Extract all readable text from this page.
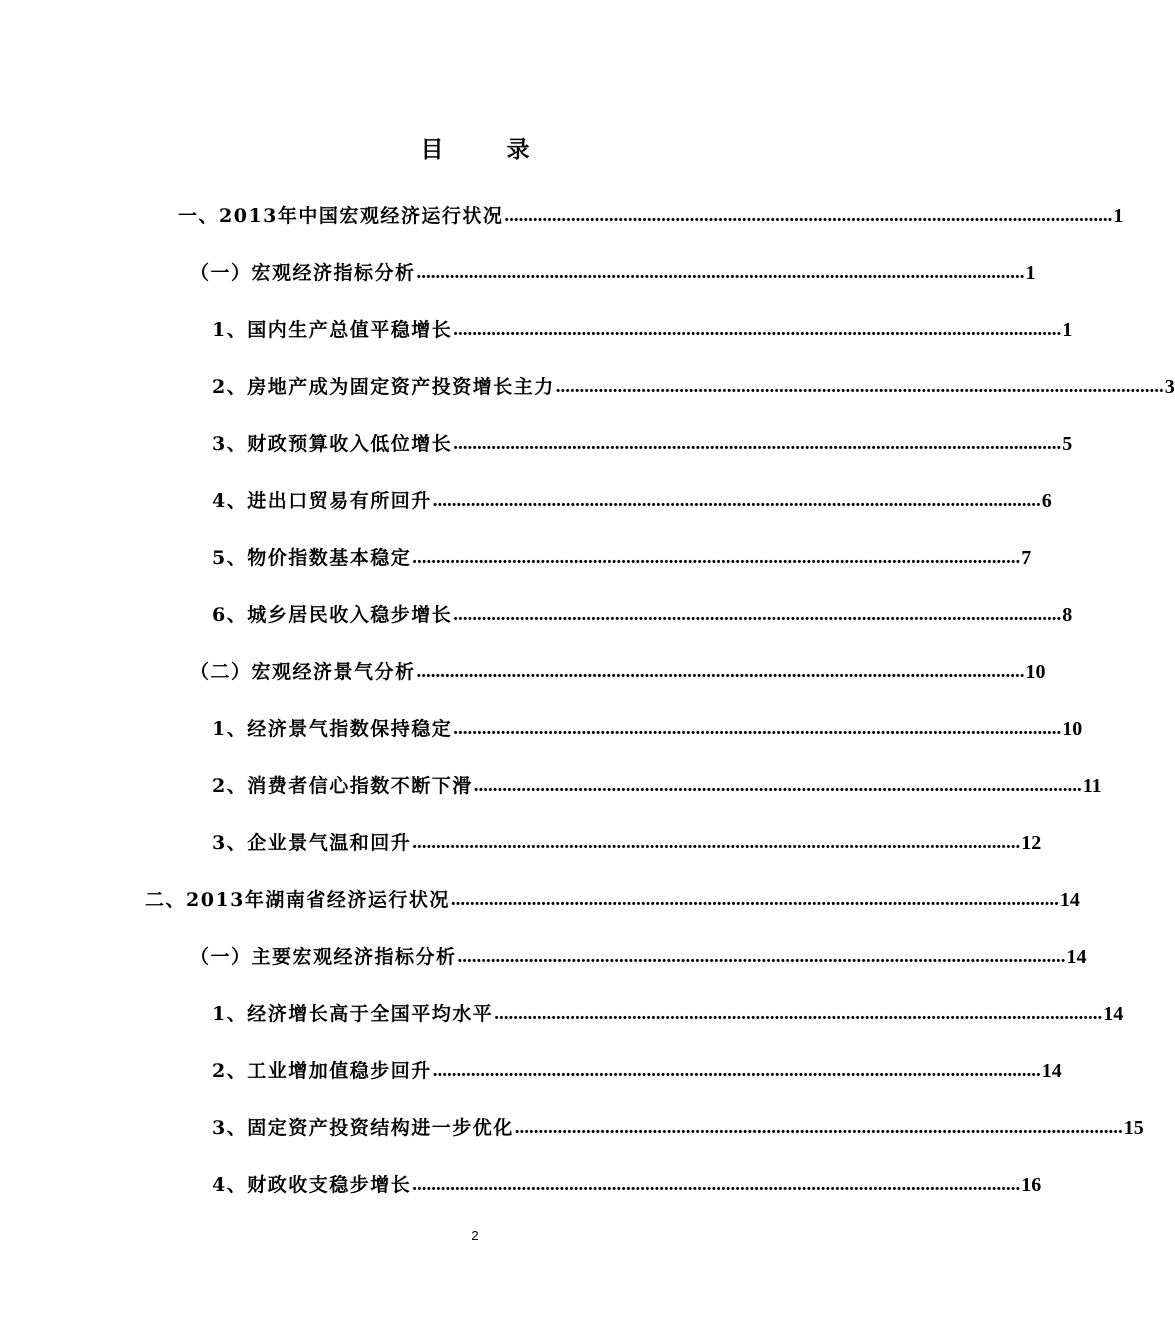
目　录
一、2013年中国宏观经济运行状况 ................................................................................................................................ 1
（一）宏观经济指标分析 ................................................................................................................................ 1
1、国内生产总值平稳增长 ................................................................................................................................ 1
2、房地产成为固定资产投资增长主力 ................................................................................................................................ 3
3、财政预算收入低位增长 ................................................................................................................................ 5
4、进出口贸易有所回升 ................................................................................................................................ 6
5、物价指数基本稳定 ................................................................................................................................ 7
6、城乡居民收入稳步增长 ................................................................................................................................ 8
（二）宏观经济景气分析 ................................................................................................................................ 10
1、经济景气指数保持稳定 ................................................................................................................................ 10
2、消费者信心指数不断下滑 ................................................................................................................................ 11
3、企业景气温和回升 ................................................................................................................................ 12
二、2013年湖南省经济运行状况 ................................................................................................................................ 14
（一）主要宏观经济指标分析 ................................................................................................................................ 14
1、经济增长高于全国平均水平 ................................................................................................................................ 14
2、工业增加值稳步回升 ................................................................................................................................ 14
3、固定资产投资结构进一步优化 ................................................................................................................................ 15
4、财政收支稳步增长 ................................................................................................................................ 16
2
